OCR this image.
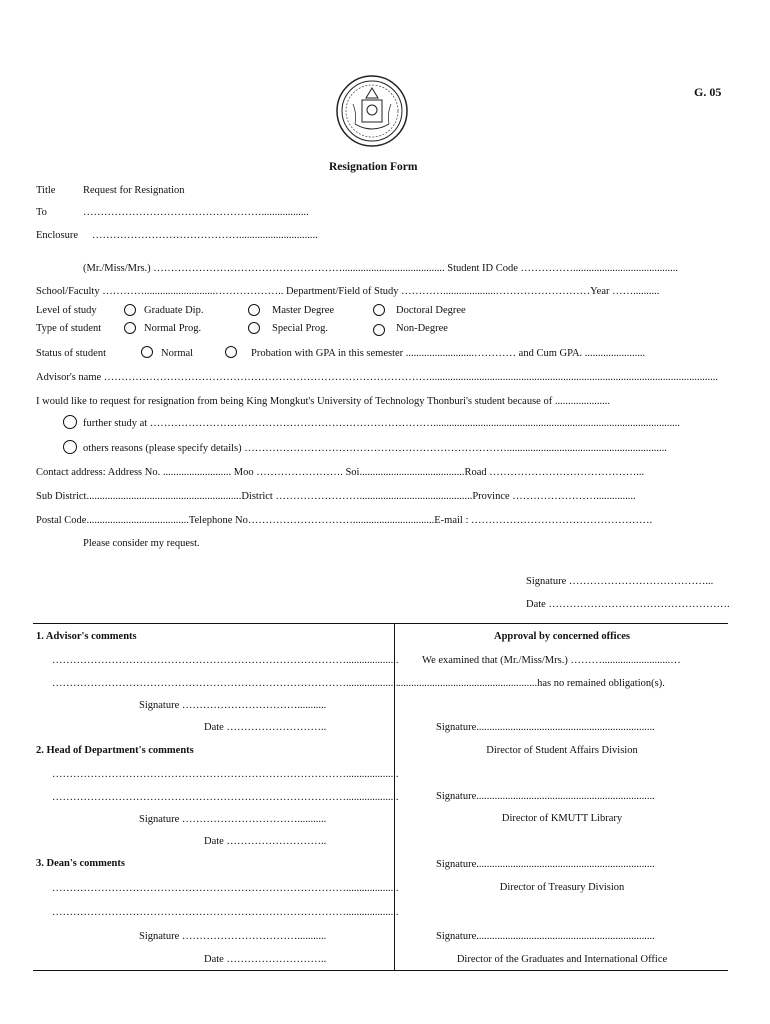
G. 05
Resignation Form
Title	Request for Resignation
To	……………………………………………..................
Enclosure ……………………………………..............................
(Mr./Miss/Mrs.) ………………………………………………....................................... Student ID Code ……………........................................
School/Faculty …………...........................……………….. Department/Field of Study …………....................………………………Year ……..........
Level of study	Graduate Dip.	Master Degree	Doctoral Degree
Type of student	Normal Prog.	Special Prog.	Non-Degree
Status of student	Normal	Probation with GPA in this semester ..........................………… and Cum GPA. .......................
Advisor's name …………………………………………………………………………………..............................................................................................................
I would like to request for resignation from being King Mongkut's University of Technology Thonburi's student because of .....................
further study at ………………………………………………………………………..............................................................................................
others reasons (please specify details) ………………………………………………………………….............................................................
Contact address: Address No. .......................... Moo ……………………. Soi........................................Road ……………………………………...
Sub District...........................................................District ……………………...........................................Province ……………………...............
Postal Code.......................................Telephone No…………………………...............................E-mail : …………………………………………….
Please consider my request.
Signature …………………………………...
Date …………………………………………….
1. Advisor's comments
…………………………………………………………………………....................
…………………………………………………………………………....................
Signature ……………………………...........
Date ………………………..
2. Head of Department's comments
…………………………………………………………………………....................
…………………………………………………………………………....................
Signature ……………………………...........
Date ………………………..
3. Dean's comments
…………………………………………………………………………....................
…………………………………………………………………………....................
Signature ……………………………...........
Date ………………………..
Approval by concerned offices
We examined that (Mr./Miss/Mrs.) ………..........................…
.....................................................has no remained obligation(s).
Signature....................................................................
Director of Student Affairs Division
Signature....................................................................
Director of KMUTT Library
Signature....................................................................
Director of Treasury Division
Signature....................................................................
Director of the Graduates and International Office
